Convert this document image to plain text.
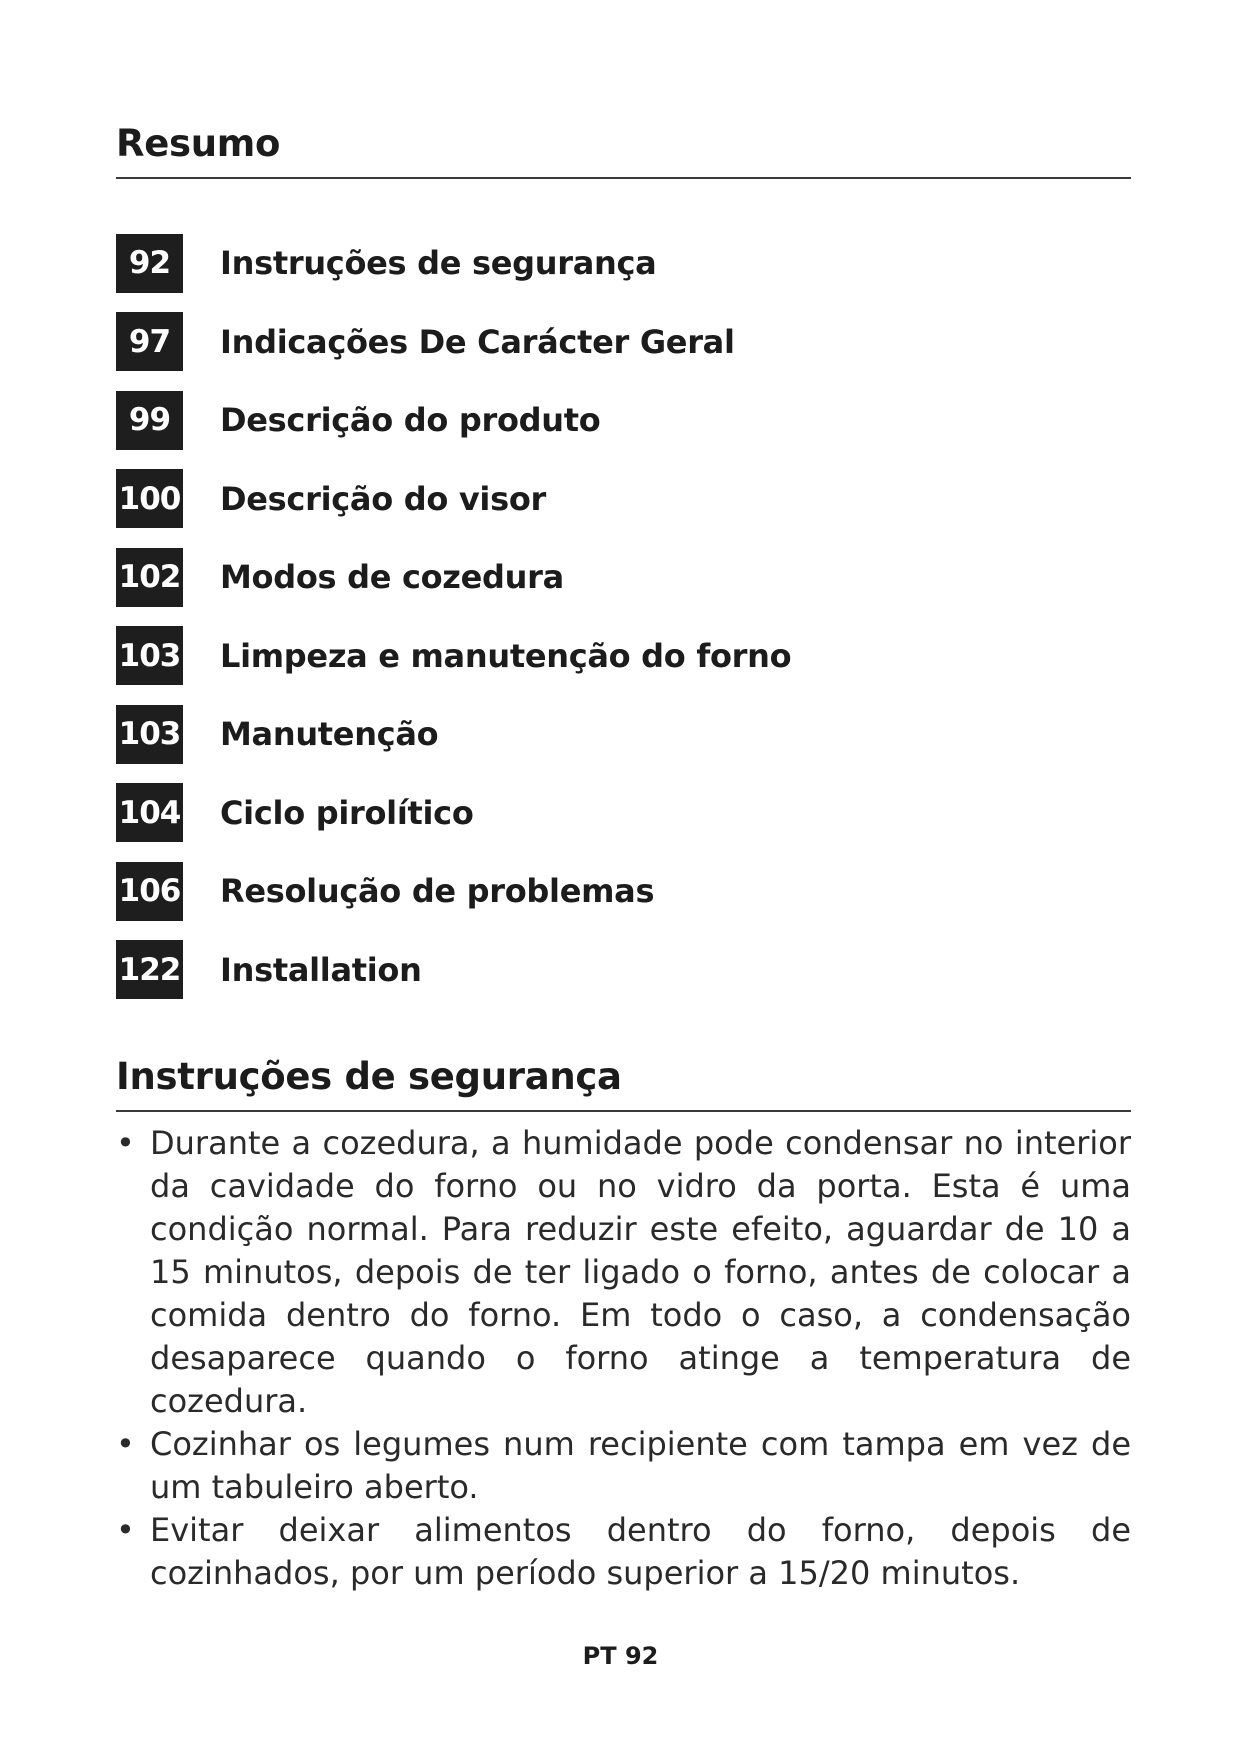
Resumo
92	Instruções de segurança
97	Indicações De Carácter Geral
99	Descrição do produto
100 Descrição do visor
102 Modos de cozedura
103 Limpeza e manutenção do forno
103 Manutenção
104 Ciclo pirolítico
106 Resolução de problemas
122 Installation
Instruções de segurança
• Durante a cozedura, a humidade pode condensar no interior da cavidade do forno ou no vidro da porta. Esta é uma condição normal. Para reduzir este efeito, aguardar de 10 a 15 minutos, depois de ter ligado o forno, antes de colocar a comida dentro do forno. Em todo o caso, a condensação desaparece quando o forno atinge a temperatura de cozedura.
• Cozinhar os legumes num recipiente com tampa em vez de um tabuleiro aberto.
• Evitar deixar alimentos dentro do forno, depois de cozinhados, por um período superior a 15/20 minutos.
PT 92
